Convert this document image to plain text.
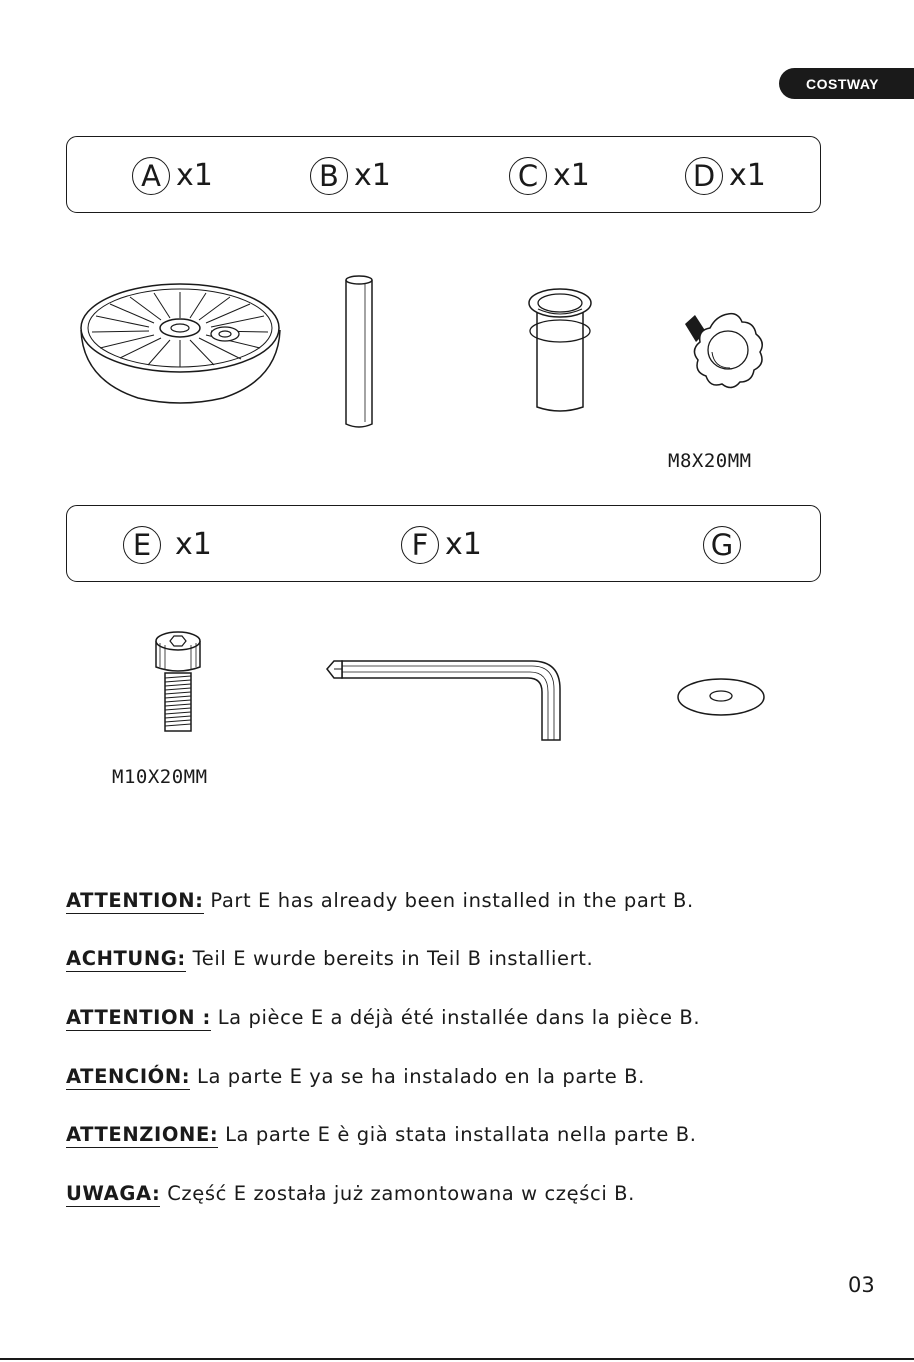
COSTWAY
A x1	B x1	C x1	D x1
M8X20MM
E x1	F x1	G
M10X20MM
ATTENTION: Part E has already been installed in the part B.
ACHTUNG: Teil E wurde bereits in Teil B installiert.
ATTENTION : La pièce E a déjà été installée dans la pièce B.
ATENCIÓN: La parte E ya se ha instalado en la parte B.
ATTENZIONE: La parte E è già stata installata nella parte B.
UWAGA: Część E została już zamontowana w części B.
03
